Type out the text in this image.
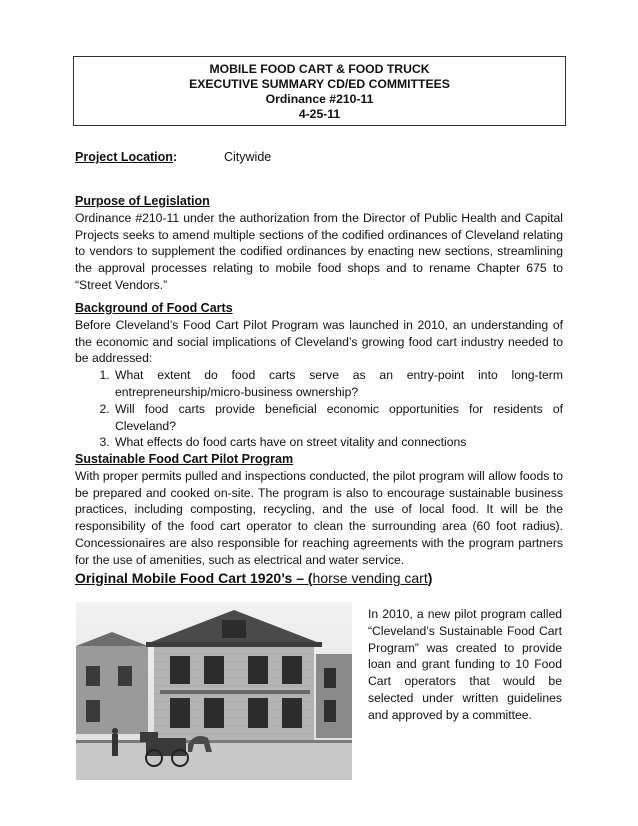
MOBILE FOOD CART & FOOD TRUCK
EXECUTIVE SUMMARY CD/ED COMMITTEES
Ordinance #210-11
4-25-11
Project Location:	Citywide
Purpose of Legislation

Ordinance #210-11 under the authorization from the Director of Public Health and Capital Projects seeks to amend multiple sections of the codified ordinances of Cleveland relating to vendors to supplement the codified ordinances by enacting new sections, streamlining the approval processes relating to mobile food shops and to rename Chapter 675 to “Street Vendors.”

Background of Food Carts

Before Cleveland’s Food Cart Pilot Program was launched in 2010, an understanding of the economic and social implications of Cleveland’s growing food cart industry needed to be addressed:

1. What extent do food carts serve as an entry-point into long-term entrepreneurship/micro-business ownership?
2. Will food carts provide beneficial economic opportunities for residents of Cleveland?
3. What effects do food carts have on street vitality and connections
Sustainable Food Cart Pilot Program

With proper permits pulled and inspections conducted, the pilot program will allow foods to be prepared and cooked on-site. The program is also to encourage sustainable business practices, including composting, recycling, and the use of local food. It will be the responsibility of the food cart operator to clean the surrounding area (60 foot radius). Concessionaires are also responsible for reaching agreements with the program partners for the use of amenities, such as electrical and water service.

Original Mobile Food Cart 1920’s – (horse vending cart)
In 2010, a new pilot program called “Cleveland’s Sustainable Food Cart Program” was created to provide loan and grant funding to 10 Food Cart operators that would be selected under written guidelines and approved by a committee.
